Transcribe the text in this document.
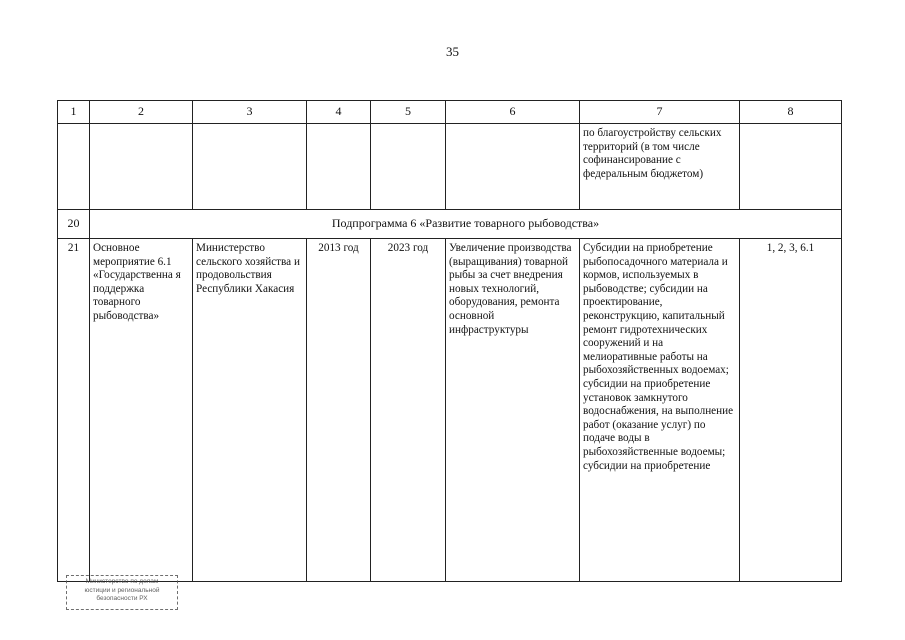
35
1	2	3	4	5	6	7	8
						по благоустройству сельских территорий (в том числе софинансирование с федеральным бюджетом)	
20	Подпрограмма 6 «Развитие товарного рыбоводства»						
21	Основное мероприятие 6.1 «Государственна я поддержка товарного рыбоводства»	Министерство сельского хозяйства и продовольствия Республики Хакасия	2013 год	2023 год	Увеличение производства (выращивания) товарной рыбы за счет внедрения новых технологий, оборудования, ремонта основной инфраструктуры	Субсидии на приобретение рыбопосадочного материала и кормов, используемых в рыбоводстве; субсидии на проектирование, реконструкцию, капитальный ремонт гидротехнических сооружений и на мелиоративные работы на рыбохозяйственных водоемах; субсидии на приобретение установок замкнутого водоснабжения, на выполнение работ (оказание услуг) по подаче воды в рыбохозяйственные водоемы; субсидии на приобретение	1, 2, 3, 6.1
Министерство по делам
юстиции и региональной
безопасности РХ
